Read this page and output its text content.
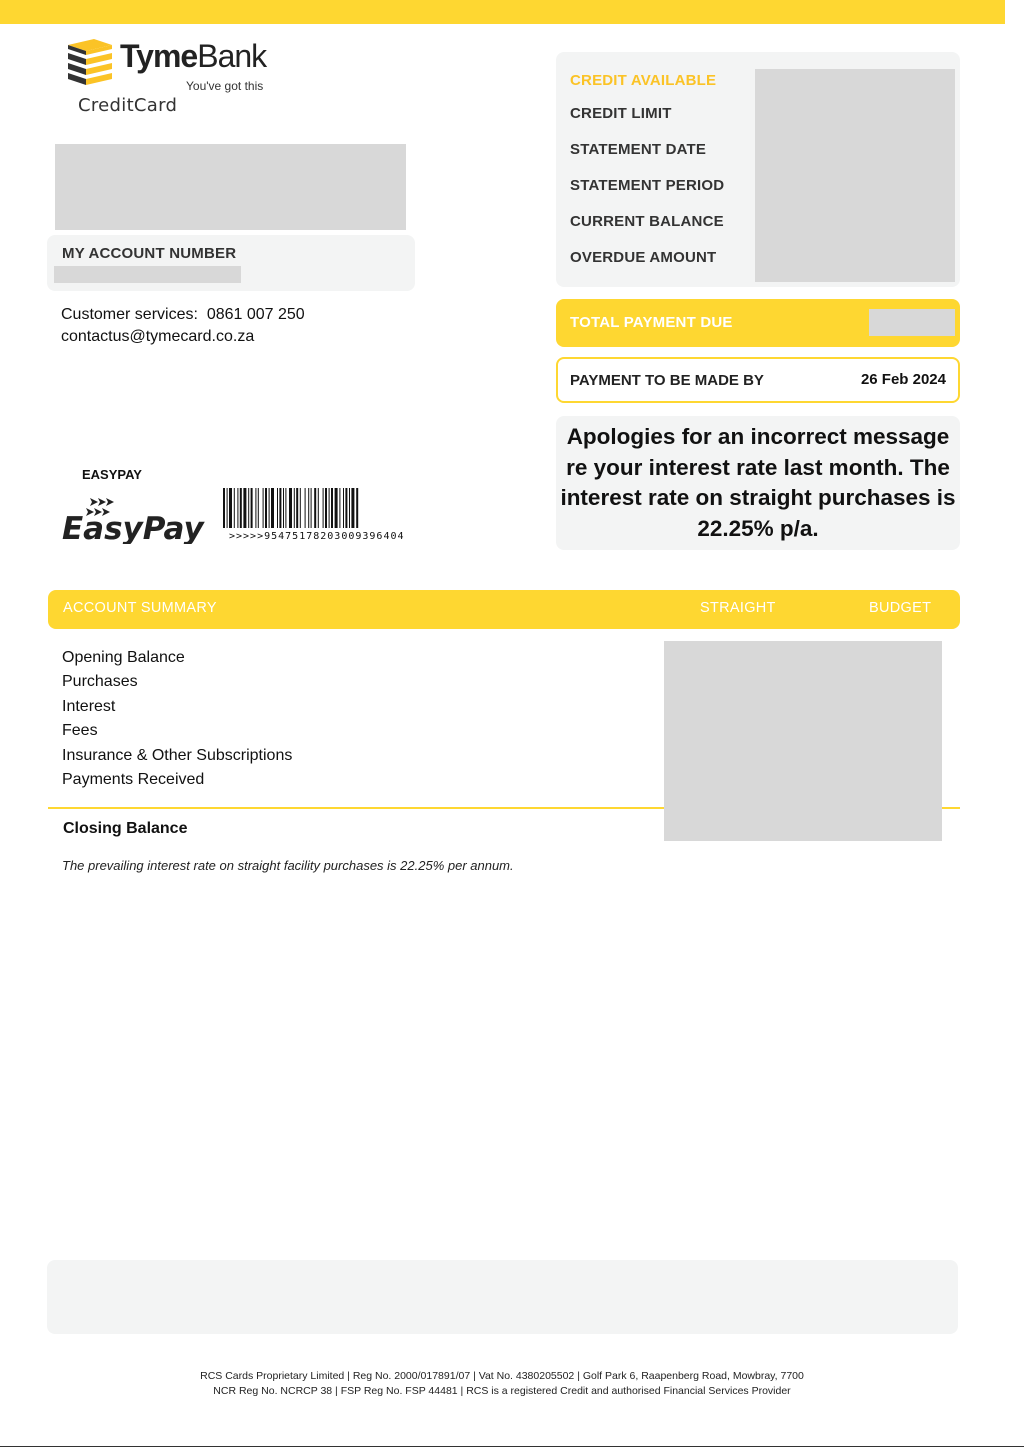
TymeBank
You've got this
CreditCard
MY ACCOUNT NUMBER
Customer services:  0861 007 250
contactus@tymecard.co.za
EASYPAY
EasyPay	>>>>>9547517820300939640​4
CREDIT AVAILABLE
CREDIT LIMIT
STATEMENT DATE
STATEMENT PERIOD
CURRENT BALANCE
OVERDUE AMOUNT
TOTAL PAYMENT DUE
PAYMENT TO BE MADE BY	26 Feb 2024
Apologies for an incorrect message re your interest rate last month. The interest rate on straight purchases is 22.25% p/a.
ACCOUNT SUMMARY	STRAIGHT	BUDGET
Opening Balance
Purchases
Interest
Fees
Insurance & Other Subscriptions
Payments Received
Closing Balance
The prevailing interest rate on straight facility purchases is 22.25% per annum.
RCS Cards Proprietary Limited | Reg No. 2000/017891/07 | Vat No. 4380205502 | Golf Park 6, Raapenberg Road, Mowbray, 7700
NCR Reg No. NCRCP 38 | FSP Reg No. FSP 44481 | RCS is a registered Credit and authorised Financial Services Provider
